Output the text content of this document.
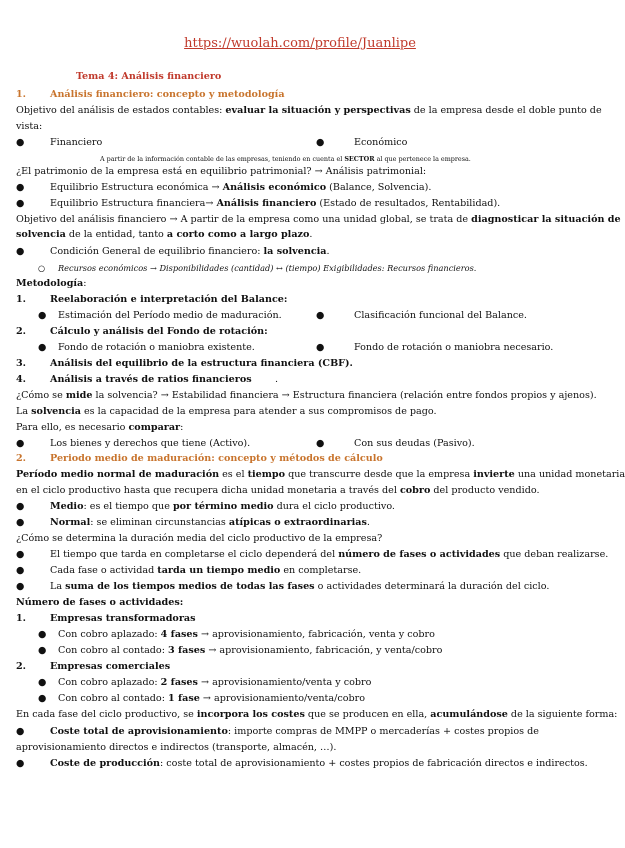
https://wuolah.com/profile/Juanlipe
Tema 4: Análisis financiero
1. Análisis financiero: concepto y metodología
Objetivo del análisis de estados contables: evaluar la situación y perspectivas de la empresa desde el doble punto de
vista:
●	Financiero	●	Económico
A partir de la información contable de las empresas, teniendo en cuenta el SECTOR al que pertenece la empresa.
¿El patrimonio de la empresa está en equilibrio patrimonial? → Análisis patrimonial:
●	Equilibrio Estructura económica → Análisis económico (Balance, Solvencia).
●	Equilibrio Estructura financiera→ Análisis financiero (Estado de resultados, Rentabilidad).
Objetivo del análisis financiero → A partir de la empresa como una unidad global, se trata de diagnosticar la situación de
solvencia de la entidad, tanto a corto como a largo plazo.
●	Condición General de equilibrio financiero: la solvencia.
○ Recursos económicos → Disponibilidades (cantidad) ↔ (tiempo) Exigibilidades: Recursos financieros.
Metodología:
1. Reelaboración e interpretación del Balance:
● Estimación del Período medio de maduración.	●	Clasificación funcional del Balance.
2. Cálculo y análisis del Fondo de rotación:
● Fondo de rotación o maniobra existente.	●	Fondo de rotación o maniobra necesario.
3. Análisis del equilibrio de la estructura financiera (CBF).
4. Análisis a través de ratios financieros .
¿Cómo se mide la solvencia? → Estabilidad financiera → Estructura financiera (relación entre fondos propios y ajenos).
La solvencia es la capacidad de la empresa para atender a sus compromisos de pago.
Para ello, es necesario comparar:
●	Los bienes y derechos que tiene (Activo).	●	Con sus deudas (Pasivo).
2. Periodo medio de maduración: concepto y métodos de cálculo
Período medio normal de maduración es el tiempo que transcurre desde que la empresa invierte una unidad monetaria
en el ciclo productivo hasta que recupera dicha unidad monetaria a través del cobro del producto vendido.
●	Medio: es el tiempo que por término medio dura el ciclo productivo.
●	Normal: se eliminan circunstancias atípicas o extraordinarias.
¿Cómo se determina la duración media del ciclo productivo de la empresa?
●	El tiempo que tarda en completarse el ciclo dependerá del número de fases o actividades que deban realizarse.
●	Cada fase o actividad tarda un tiempo medio en completarse.
●	La suma de los tiempos medios de todas las fases o actividades determinará la duración del ciclo.
Número de fases o actividades:
1. Empresas transformadoras
● Con cobro aplazado: 4 fases → aprovisionamiento, fabricación, venta y cobro
● Con cobro al contado: 3 fases → aprovisionamiento, fabricación, y venta/cobro
2. Empresas comerciales
● Con cobro aplazado: 2 fases → aprovisionamiento/venta y cobro
● Con cobro al contado: 1 fase → aprovisionamiento/venta/cobro
En cada fase del ciclo productivo, se incorpora los costes que se producen en ella, acumulándose de la siguiente forma:
●	Coste total de aprovisionamiento: importe compras de MMPP o mercaderías + costes propios de
aprovisionamiento directos e indirectos (transporte, almacén, …).
●	Coste de producción: coste total de aprovisionamiento + costes propios de fabricación directos e indirectos.
